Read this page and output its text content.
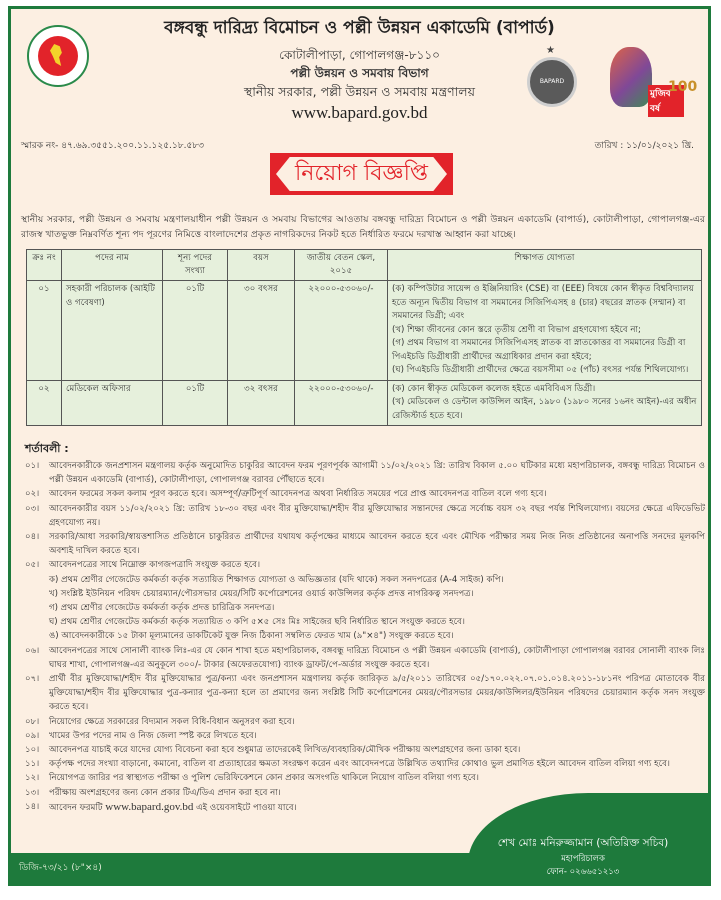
বঙ্গবন্ধু দারিদ্র্য বিমোচন ও পল্লী উন্নয়ন একাডেমি (বাপার্ড)
কোটালীপাড়া, গোপালগঞ্জ-৮১১০
পল্লী উন্নয়ন ও সমবায় বিভাগ
স্থানীয় সরকার, পল্লী উন্নয়ন ও সমবায় মন্ত্রণালয়
www.bapard.gov.bd
★
BAPARD
মুজিব বর্ষ
100
স্মারক নং- ৪৭.৬৯.৩৫৫১.২০০.১১.১২৫.১৮.৫৮৩	তারিখ : ১১/০১/২০২১ খ্রি.
নিয়োগ বিজ্ঞপ্তি
স্থানীয় সরকার, পল্লী উন্নয়ন ও সমবায় মন্ত্রণালয়াধীন পল্লী উন্নয়ন ও সমবায় বিভাগের আওতায় বঙ্গবন্ধু দারিদ্র্য বিমোচন ও পল্লী উন্নয়ন একাডেমি (বাপার্ড), কোটালীপাড়া, গোপালগঞ্জ-এর রাজস্ব খাতভুক্ত নিম্নবর্ণিত শূন্য পদ পূরণের নিমিত্তে বাংলাদেশের প্রকৃত নাগরিকদের নিকট হতে নির্ধারিত ফরমে দরখাস্ত আহ্বান করা যাচ্ছে।
ক্রঃ নং	পদের নাম	শূন্য পদের সংখ্যা	বয়স	জাতীয় বেতন স্কেল, ২০১৫	শিক্ষাগত যোগ্যতা
০১	সহকারী পরিচালক (আইটি ও গবেষণা)	০১টি	৩০ বৎসর	২২০০০-৫৩০৬০/-	(ক) কম্পিউটার সায়েন্স ও ইঞ্জিনিয়ারিং (CSE) বা (EEE) বিষয়ে কোন স্বীকৃত বিশ্ববিদ্যালয় হতে অন্যূন দ্বিতীয় বিভাগ বা সমমানের সিজিপিএসহ ৪ (চার) বছরের স্নাতক (সম্মান) বা সমমানের ডিগ্রী; এবং
(খ) শিক্ষা জীবনের কোন স্তরে তৃতীয় শ্রেণী বা বিভাগ গ্রহণযোগ্য হইবে না;
(গ) প্রথম বিভাগ বা সমমানের সিজিপিএসহ স্নাতক বা স্নাতকোত্তর বা সমমানের ডিগ্রী বা পিএইচডি ডিগ্রীধারী প্রার্থীদের অগ্রাধিকার প্রদান করা হইবে;
(ঘ) পিএইচডি ডিগ্রীধারী প্রার্থীদের ক্ষেত্রে বয়সসীমা ০৫ (পাঁচ) বৎসর পর্যন্ত শিথিলযোগ্য।

০২	মেডিকেল অফিসার	০১টি	৩২ বৎসর	২২০০০-৫৩০৬০/-	(ক) কোন স্বীকৃত মেডিকেল কলেজ হইতে এমবিবিএস ডিগ্রী।
(খ) মেডিকেল ও ডেন্টাল কাউন্সিল আইন, ১৯৮০ (১৯৮০ সনের ১৬নং আইন)-এর অধীন রেজিস্টার্ড হতে হবে।
শর্তাবলী :
০১।	আবেদনকারীকে জনপ্রশাসন মন্ত্রণালয় কর্তৃক অনুমোদিত চাকুরির আবেদন ফরম পূরণপূর্বক আগামী ১১/০২/২০২১ খ্রি: তারিখ বিকাল ৫.০০ ঘটিকার মধ্যে মহাপরিচালক, বঙ্গবন্ধু দারিদ্র্য বিমোচন ও পল্লী উন্নয়ন একাডেমি (বাপার্ড), কোটালীপাড়া, গোপালগঞ্জ বরাবর পৌঁছাতে হবে।
০২।	আবেদন ফরমের সকল কলাম পূরণ করতে হবে। অসম্পূর্ণ/ত্রুটিপূর্ণ আবেদনপত্র অথবা নির্ধারিত সময়ের পরে প্রাপ্ত আবেদনপত্র বাতিল বলে গণ্য হবে।
০৩।	আবেদনকারীর বয়স ১১/০২/২০২১ খ্রি: তারিখ ১৮-৩০ বছর এবং বীর মুক্তিযোদ্ধা/শহীদ বীর মুক্তিযোদ্ধার সন্তানদের ক্ষেত্রে সর্বোচ্চ বয়স ৩২ বছর পর্যন্ত শিথিলযোগ্য। বয়সের ক্ষেত্রে এফিডেভিট গ্রহণযোগ্য নয়।
০৪।	সরকারি/আধা সরকারি/স্বায়ত্তশাসিত প্রতিষ্ঠানে চাকুরিরত প্রার্থীদের যথাযথ কর্তৃপক্ষের মাধ্যমে আবেদন করতে হবে এবং মৌখিক পরীক্ষার সময় নিজ নিজ প্রতিষ্ঠানের অনাপত্তি সনদের মূলকপি অবশ্যই দাখিল করতে হবে।
০৫।	আবেদনপত্রের সাথে নিম্নোক্ত কাগজপত্রাদি সংযুক্ত করতে হবে।
ক) প্রথম শ্রেণীর গেজেটেড কর্মকর্তা কর্তৃক সত্যায়িত শিক্ষাগত যোগ্যতা ও অভিজ্ঞতার (যদি থাকে) সকল সনদপত্রের (A-4 সাইজ) কপি।
খ) সংশ্লিষ্ট ইউনিয়ন পরিষদ চেয়ারম্যান/পৌরসভার মেয়র/সিটি কর্পোরেশনের ওয়ার্ড কাউন্সিলর কর্তৃক প্রদত্ত নাগরিকত্ব সনদপত্র।
গ) প্রথম শ্রেণীর গেজেটেড কর্মকর্তা কর্তৃক প্রদত্ত চারিত্রিক সনদপত্র।
ঘ) প্রথম শ্রেণীর গেজেটেড কর্মকর্তা কর্তৃক সত্যায়িত ৩ কপি ৫×৫ সেঃ মিঃ সাইজের ছবি নির্ধারিত স্থানে সংযুক্ত করতে হবে।
ঙ) আবেদনকারীকে ১৫ টাকা মূল্যমানের ডাকটিকেট যুক্ত নিজ ঠিকানা সম্বলিত ফেরত খাম (৯"×৪") সংযুক্ত করতে হবে।
০৬।	আবেদনপত্রের সাথে সোনালী ব্যাংক লিঃ-এর যে কোন শাখা হতে মহাপরিচালক, বঙ্গবন্ধু দারিদ্র্য বিমোচন ও পল্লী উন্নয়ন একাডেমি (বাপার্ড), কোটালীপাড়া গোপালগঞ্জ বরাবর সোনালী ব্যাংক লিঃ ঘাঘর শাখা, গোপালগঞ্জ-এর অনুকূলে ৩০০/- টাকার (অফেরতযোগ্য) ব্যাংক ড্রাফট/পে-অর্ডার সংযুক্ত করতে হবে।
০৭।	প্রার্থী বীর মুক্তিযোদ্ধা/শহীদ বীর মুক্তিযোদ্ধার পুত্র/কন্যা এবং জনপ্রশাসন মন্ত্রণালয় কর্তৃক জারিকৃত ৯/৫/২০১১ তারিখের ০৫/১৭০.০২২.০৭.০১.০১৪.২০১১-১৮১নং পরিপত্র মোতাবেক বীর মুক্তিযোদ্ধা/শহীদ বীর মুক্তিযোদ্ধার পুত্র-কন্যার পুত্র-কন্যা হলে তা প্রমাণের জন্য সংশ্লিষ্ট সিটি কর্পোরেশনের মেয়র/পৌরসভার মেয়র/কাউন্সিলর/ইউনিয়ন পরিষদের চেয়ারম্যান কর্তৃক সনদ সংযুক্ত করতে হবে।
০৮।	নিয়োগের ক্ষেত্রে সরকারের বিদ্যমান সকল বিধি-বিধান অনুসরণ করা হবে।
০৯।	খামের উপর পদের নাম ও নিজ জেলা স্পষ্ট করে লিখতে হবে।
১০।	আবেদনপত্র যাচাই করে যাদের যোগ্য বিবেচনা করা হবে শুধুমাত্র তাদেরকেই লিখিত/ব্যবহারিক/মৌখিক পরীক্ষায় অংশগ্রহণের জন্য ডাকা হবে।
১১।	কর্তৃপক্ষ পদের সংখ্যা বাড়ানো, কমানো, বাতিল বা প্রত্যাহারের ক্ষমতা সংরক্ষণ করেন এবং আবেদনপত্রে উল্লিখিত তথ্যাদির কোথাও ভুল প্রমাণিত হইলে আবেদন বাতিল বলিয়া গণ্য হবে।
১২।	নিয়োগপত্র জারির পর স্বাস্থ্যগত পরীক্ষা ও পুলিশ ভেরিফিকেশনে কোন প্রকার অসংগতি থাকিলে নিয়োগ বাতিল বলিয়া গণ্য হবে।
১৩।	পরীক্ষায় অংশগ্রহণের জন্য কোন প্রকার টিএ/ডিএ প্রদান করা হবে না।
১৪।	আবেদন ফরমটি www.bapard.gov.bd এই ওয়েবসাইটে পাওয়া যাবে।
ডিজি-৭৩/২১ (৮"×৪)
শেখ মোঃ মনিরুজ্জামান (অতিরিক্ত সচিব)
মহাপরিচালক
ফোন- ০২৬৬৫১২১৩
